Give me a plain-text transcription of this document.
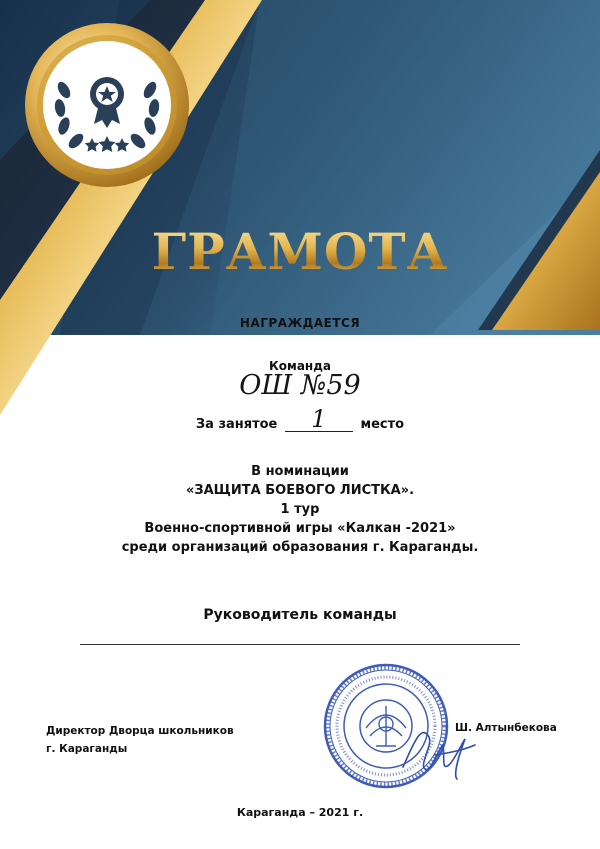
ГРАМОТА
НАГРАЖДАЕТСЯ
Команда
ОШ №59
За занятое	1	место
В номинации
«ЗАЩИТА БОЕВОГО ЛИСТКА».
1 тур
Военно-спортивной игры «Калкан -2021»
среди организаций образования г. Караганды.
Руководитель команды
Директор Дворца школьников
г. Караганды
Ш. Алтынбекова
Караганда – 2021 г.
